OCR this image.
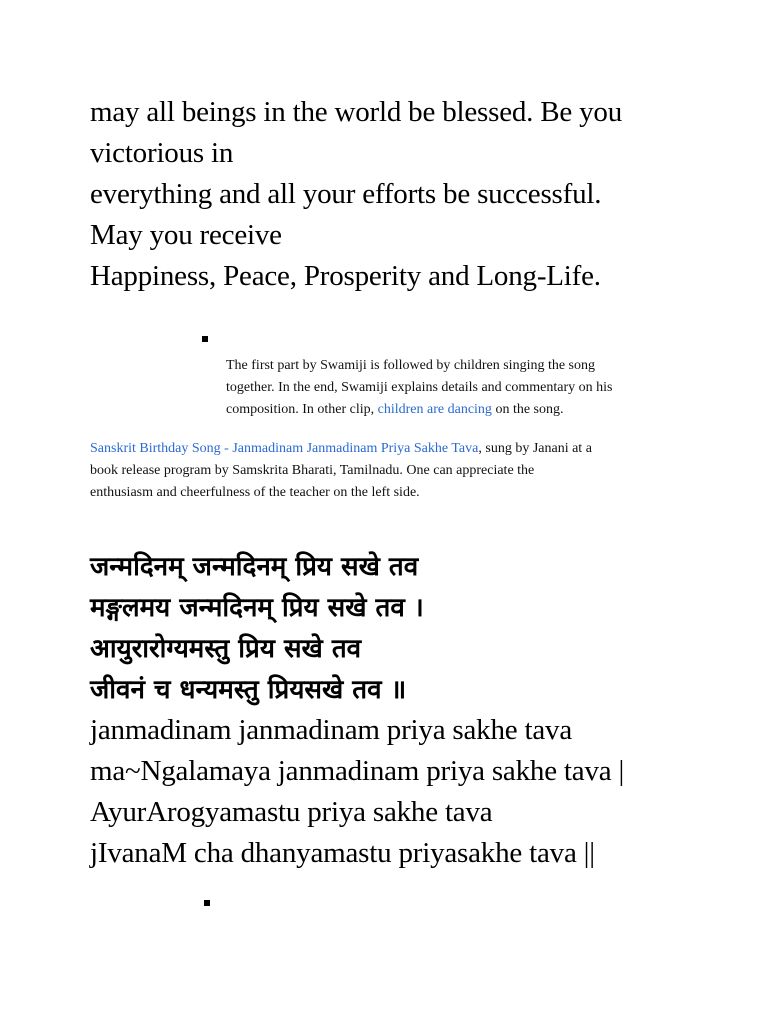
may all beings in the world be blessed. Be you
victorious in
everything and all your efforts be successful.
May you receive
Happiness, Peace, Prosperity and Long-Life.
The first part by Swamiji is followed by children singing the song
together. In the end, Swamiji explains details and commentary on his
composition. In other clip, children are dancing on the song.
Sanskrit Birthday Song - Janmadinam Janmadinam Priya Sakhe Tava, sung by Janani at a
book release program by Samskrita Bharati, Tamilnadu. One can appreciate the
enthusiasm and cheerfulness of the teacher on the left side.
जन्मदिनम् जन्मदिनम् प्रिय सखे तव
मङ्गलमय जन्मदिनम् प्रिय सखे तव ।
आयुरारोग्यमस्तु प्रिय सखे तव
जीवनं च धन्यमस्तु प्रियसखे तव ॥
janmadinam janmadinam priya sakhe tava
ma~Ngalamaya janmadinam priya sakhe tava |
AyurArogyamastu priya sakhe tava
jIvanaM cha dhanyamastu priyasakhe tava ||
